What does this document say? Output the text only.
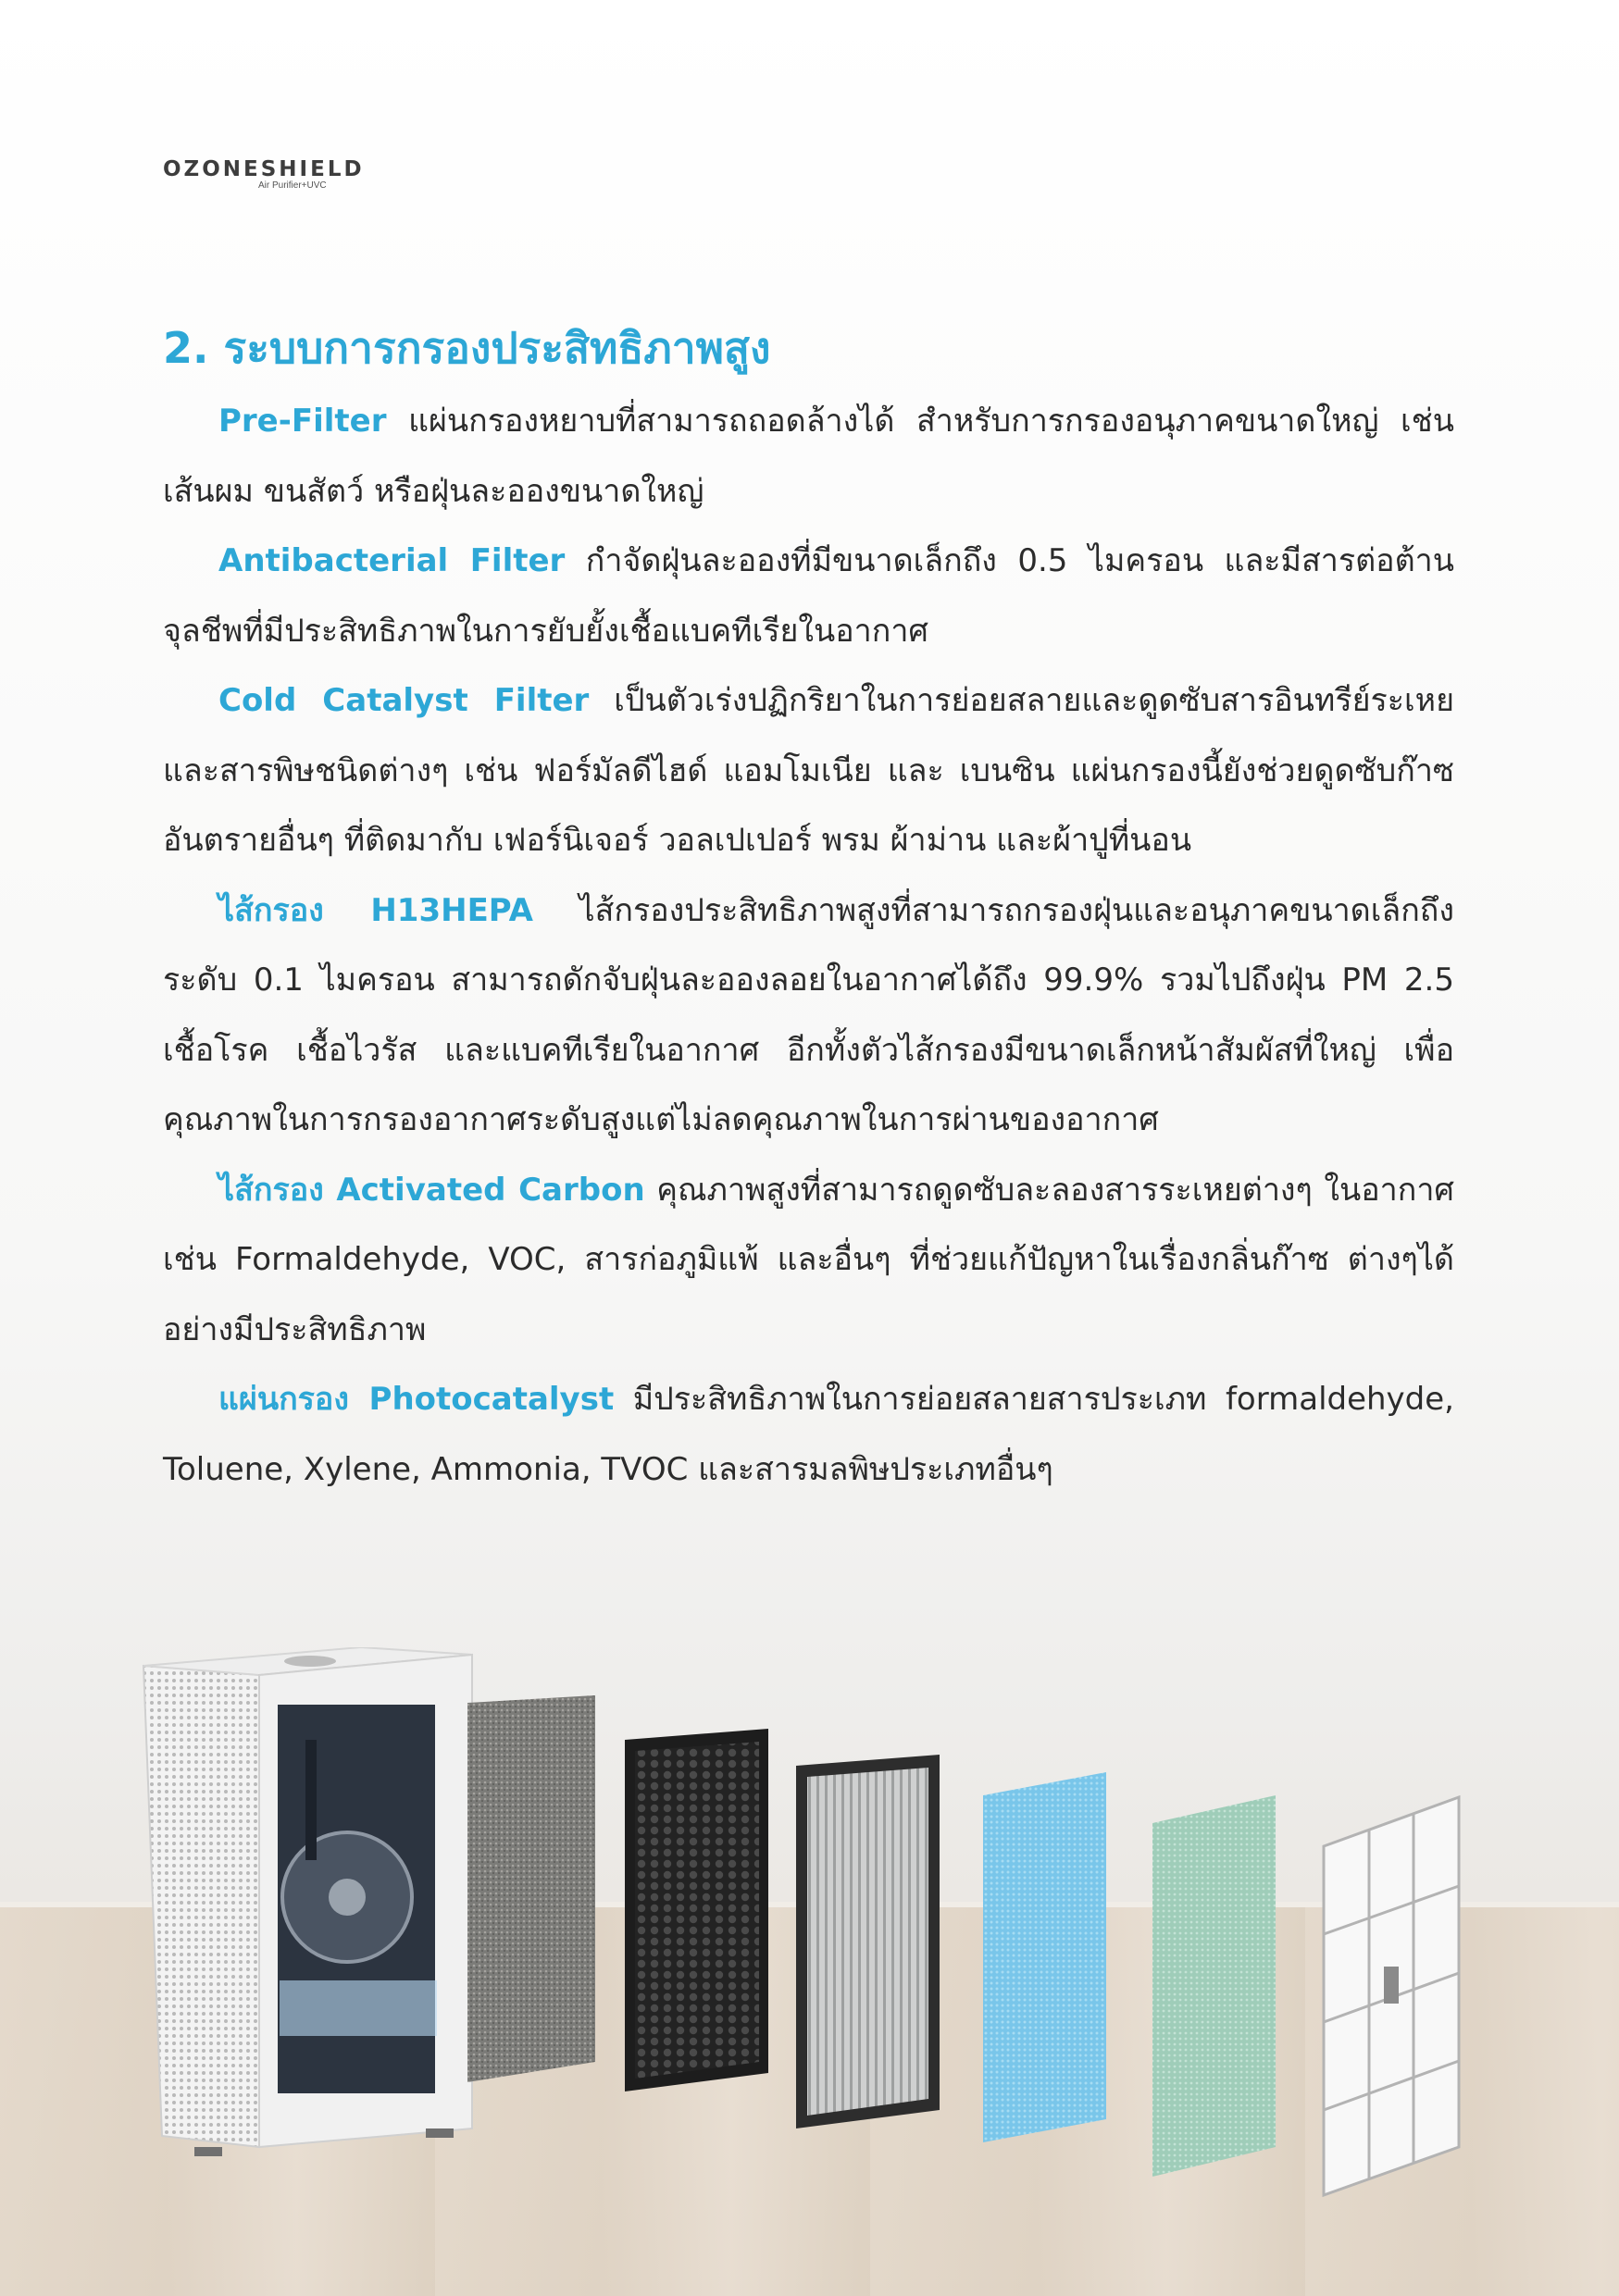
OZONESHIELD
Air Purifier+UVC
2. ระบบการกรองประสิทธิภาพสูง

Pre-Filter แผ่นกรองหยาบที่สามารถถอดล้างได้ สำหรับการกรองอนุภาคขนาดใหญ่ เช่น เส้นผม ขนสัตว์ หรือฝุ่นละอองขนาดใหญ่

Antibacterial Filter กำจัดฝุ่นละอองที่มีขนาดเล็กถึง 0.5 ไมครอน และมีสารต่อต้านจุลชีพที่มีประสิทธิภาพในการยับยั้งเชื้อแบคทีเรียในอากาศ

Cold Catalyst Filter เป็นตัวเร่งปฏิกริยาในการย่อยสลายและดูดซับสารอินทรีย์ระเหยและสารพิษชนิดต่างๆ เช่น ฟอร์มัลดีไฮด์ แอมโมเนีย และ เบนซิน แผ่นกรองนี้ยังช่วยดูดซับก๊าซอันตรายอื่นๆ ที่ติดมากับ เฟอร์นิเจอร์ วอลเปเปอร์ พรม ผ้าม่าน และผ้าปูที่นอน

ไส้กรอง H13HEPA ไส้กรองประสิทธิภาพสูงที่สามารถกรองฝุ่นและอนุภาคขนาดเล็กถึงระดับ 0.1 ไมครอน สามารถดักจับฝุ่นละอองลอยในอากาศได้ถึง 99.9% รวมไปถึงฝุ่น PM 2.5 เชื้อโรค เชื้อไวรัส และแบคทีเรียในอากาศ อีกทั้งตัวไส้กรองมีขนาดเล็กหน้าสัมผัสที่ใหญ่ เพื่อคุณภาพในการกรองอากาศระดับสูงแต่ไม่ลดคุณภาพในการผ่านของอากาศ

ไส้กรอง Activated Carbon คุณภาพสูงที่สามารถดูดซับละลองสารระเหยต่างๆ ในอากาศ เช่น Formaldehyde, VOC, สารก่อภูมิแพ้ และอื่นๆ ที่ช่วยแก้ปัญหาในเรื่องกลิ่นก๊าซ ต่างๆได้อย่างมีประสิทธิภาพ

แผ่นกรอง Photocatalyst มีประสิทธิภาพในการย่อยสลายสารประเภท formaldehyde, Toluene, Xylene, Ammonia, TVOC และสารมลพิษประเภทอื่นๆ
